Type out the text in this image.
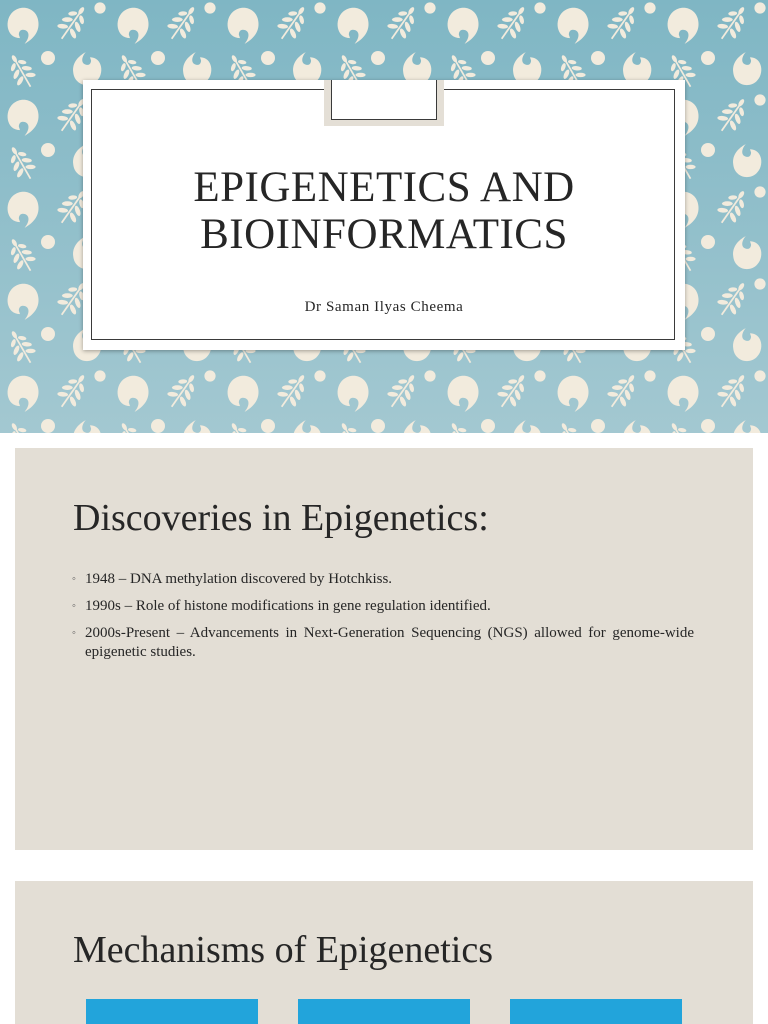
EPIGENETICS AND
BIOINFORMATICS
Dr Saman Ilyas Cheema
Discoveries in Epigenetics:
◦ 1948 – DNA methylation discovered by Hotchkiss.
◦ 1990s – Role of histone modifications in gene regulation identified.
◦ 2000s-Present – Advancements in Next-Generation Sequencing (NGS) allowed for genome-wide epigenetic studies.
Mechanisms of Epigenetics
